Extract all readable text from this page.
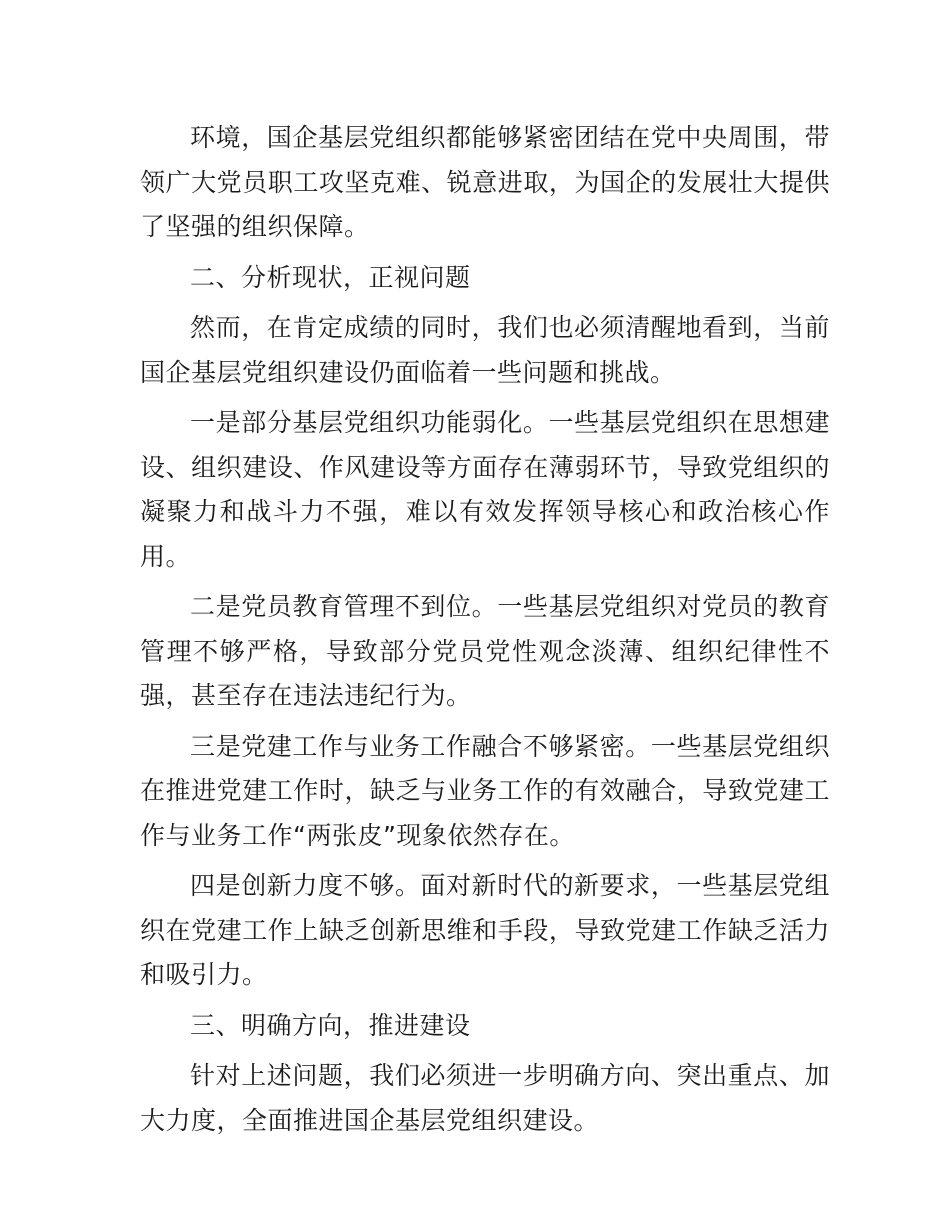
环境，国企基层党组织都能够紧密团结在党中央周围，带领广大党员职工攻坚克难、锐意进取，为国企的发展壮大提供了坚强的组织保障。

二、分析现状，正视问题

然而，在肯定成绩的同时，我们也必须清醒地看到，当前国企基层党组织建设仍面临着一些问题和挑战。

一是部分基层党组织功能弱化。一些基层党组织在思想建设、组织建设、作风建设等方面存在薄弱环节，导致党组织的凝聚力和战斗力不强，难以有效发挥领导核心和政治核心作用。

二是党员教育管理不到位。一些基层党组织对党员的教育管理不够严格，导致部分党员党性观念淡薄、组织纪律性不强，甚至存在违法违纪行为。

三是党建工作与业务工作融合不够紧密。一些基层党组织在推进党建工作时，缺乏与业务工作的有效融合，导致党建工作与业务工作“两张皮”现象依然存在。

四是创新力度不够。面对新时代的新要求，一些基层党组织在党建工作上缺乏创新思维和手段，导致党建工作缺乏活力和吸引力。

三、明确方向，推进建设

针对上述问题，我们必须进一步明确方向、突出重点、加大力度，全面推进国企基层党组织建设。
